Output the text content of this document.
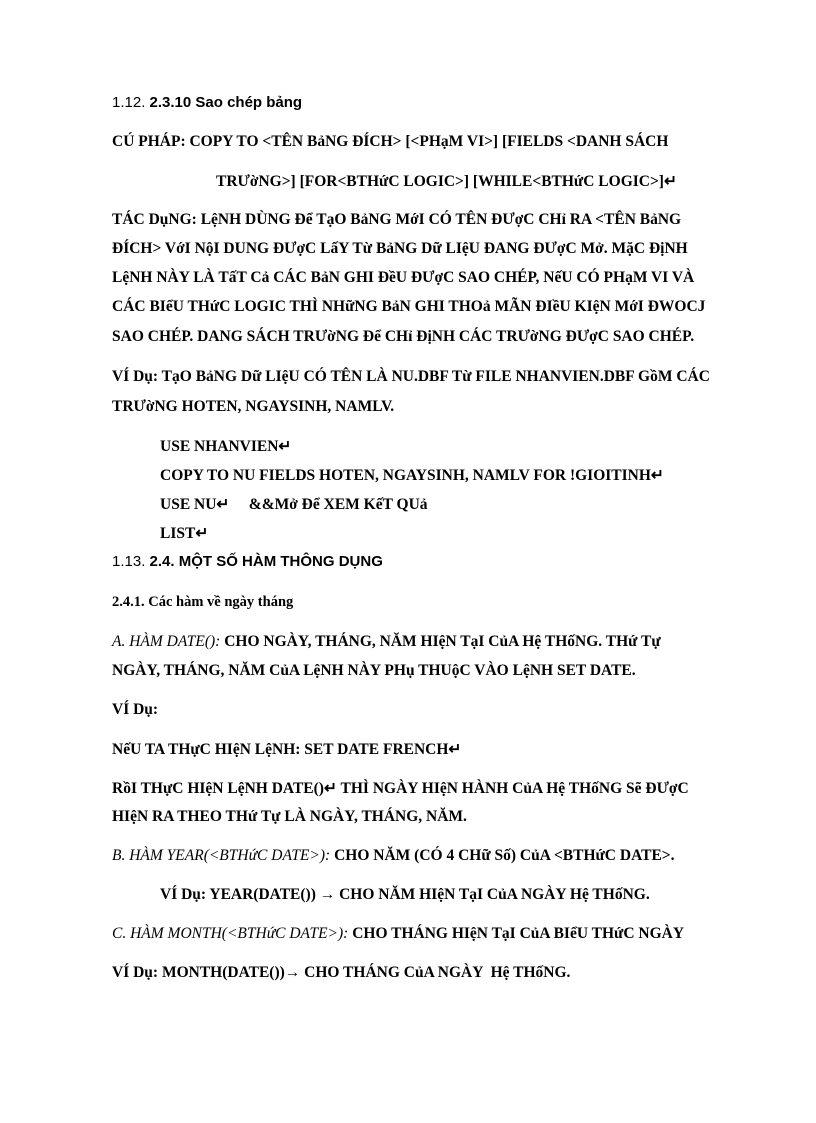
1.12. 2.3.10 Sao chép bảng
CÚ PHÁP: COPY TO <TÊN BảNG ĐÍCH> [<PHạM VI>] [FIELDS <DANH SÁCH
TRƯờNG>] [FOR<BTHứC LOGIC>] [WHILE<BTHứC LOGIC>]↵
TÁC DụNG: LệNH DÙNG Để TạO BảNG MớI CÓ TÊN ĐƯợC CHỉ RA <TÊN BảNG
ĐÍCH> VớI NộI DUNG ĐƯợC LấY Từ BảNG Dữ LIệU ĐANG ĐƯợC Mở. MặC ĐịNH
LệNH NÀY LÀ TấT Cả CÁC BảN GHI ĐềU ĐƯợC SAO CHÉP, NếU CÓ PHạM VI VÀ
CÁC BIểU THứC LOGIC THÌ NHữNG BảN GHI THOả MÃN ĐIềU KIệN MớI ĐWOCJ
SAO CHÉP. DANG SÁCH TRƯờNG Để CHỉ ĐịNH CÁC TRƯờNG ĐƯợC SAO CHÉP.
VÍ Dụ: TạO BảNG Dữ LIệU CÓ TÊN LÀ NU.DBF Từ FILE NHANVIEN.DBF GồM CÁC
TRƯờNG HOTEN, NGAYSINH, NAMLV.
USE NHANVIEN↵
COPY TO NU FIELDS HOTEN, NGAYSINH, NAMLV FOR !GIOITINH↵
USE NU↵     &&Mở Để XEM KếT QUả
LIST↵
1.13. 2.4. MỘT SỐ HÀM THÔNG DỤNG
2.4.1. Các hàm về ngày tháng
A. HÀM DATE(): CHO NGÀY, THÁNG, NĂM HIệN TạI CủA Hệ THốNG. THứ Tự
NGÀY, THÁNG, NĂM CủA LệNH NÀY PHụ THUộC VÀO LệNH SET DATE.
VÍ Dụ:
NếU TA THựC HIệN LệNH: SET DATE FRENCH↵
RồI THựC HIệN LệNH DATE()↵ THÌ NGÀY HIệN HÀNH CủA Hệ THốNG Sẽ ĐƯợC
HIệN RA THEO THứ Tự LÀ NGÀY, THÁNG, NĂM.
B. HÀM YEAR(<BTHứC DATE>): CHO NĂM (CÓ 4 CHữ Số) CủA <BTHứC DATE>.
VÍ Dụ: YEAR(DATE()) → CHO NĂM HIệN TạI CủA NGÀY Hệ THốNG.
C. HÀM MONTH(<BTHứC DATE>): CHO THÁNG HIệN TạI CủA BIểU THứC NGÀY
VÍ Dụ: MONTH(DATE())→ CHO THÁNG CủA NGÀY  Hệ THốNG.
